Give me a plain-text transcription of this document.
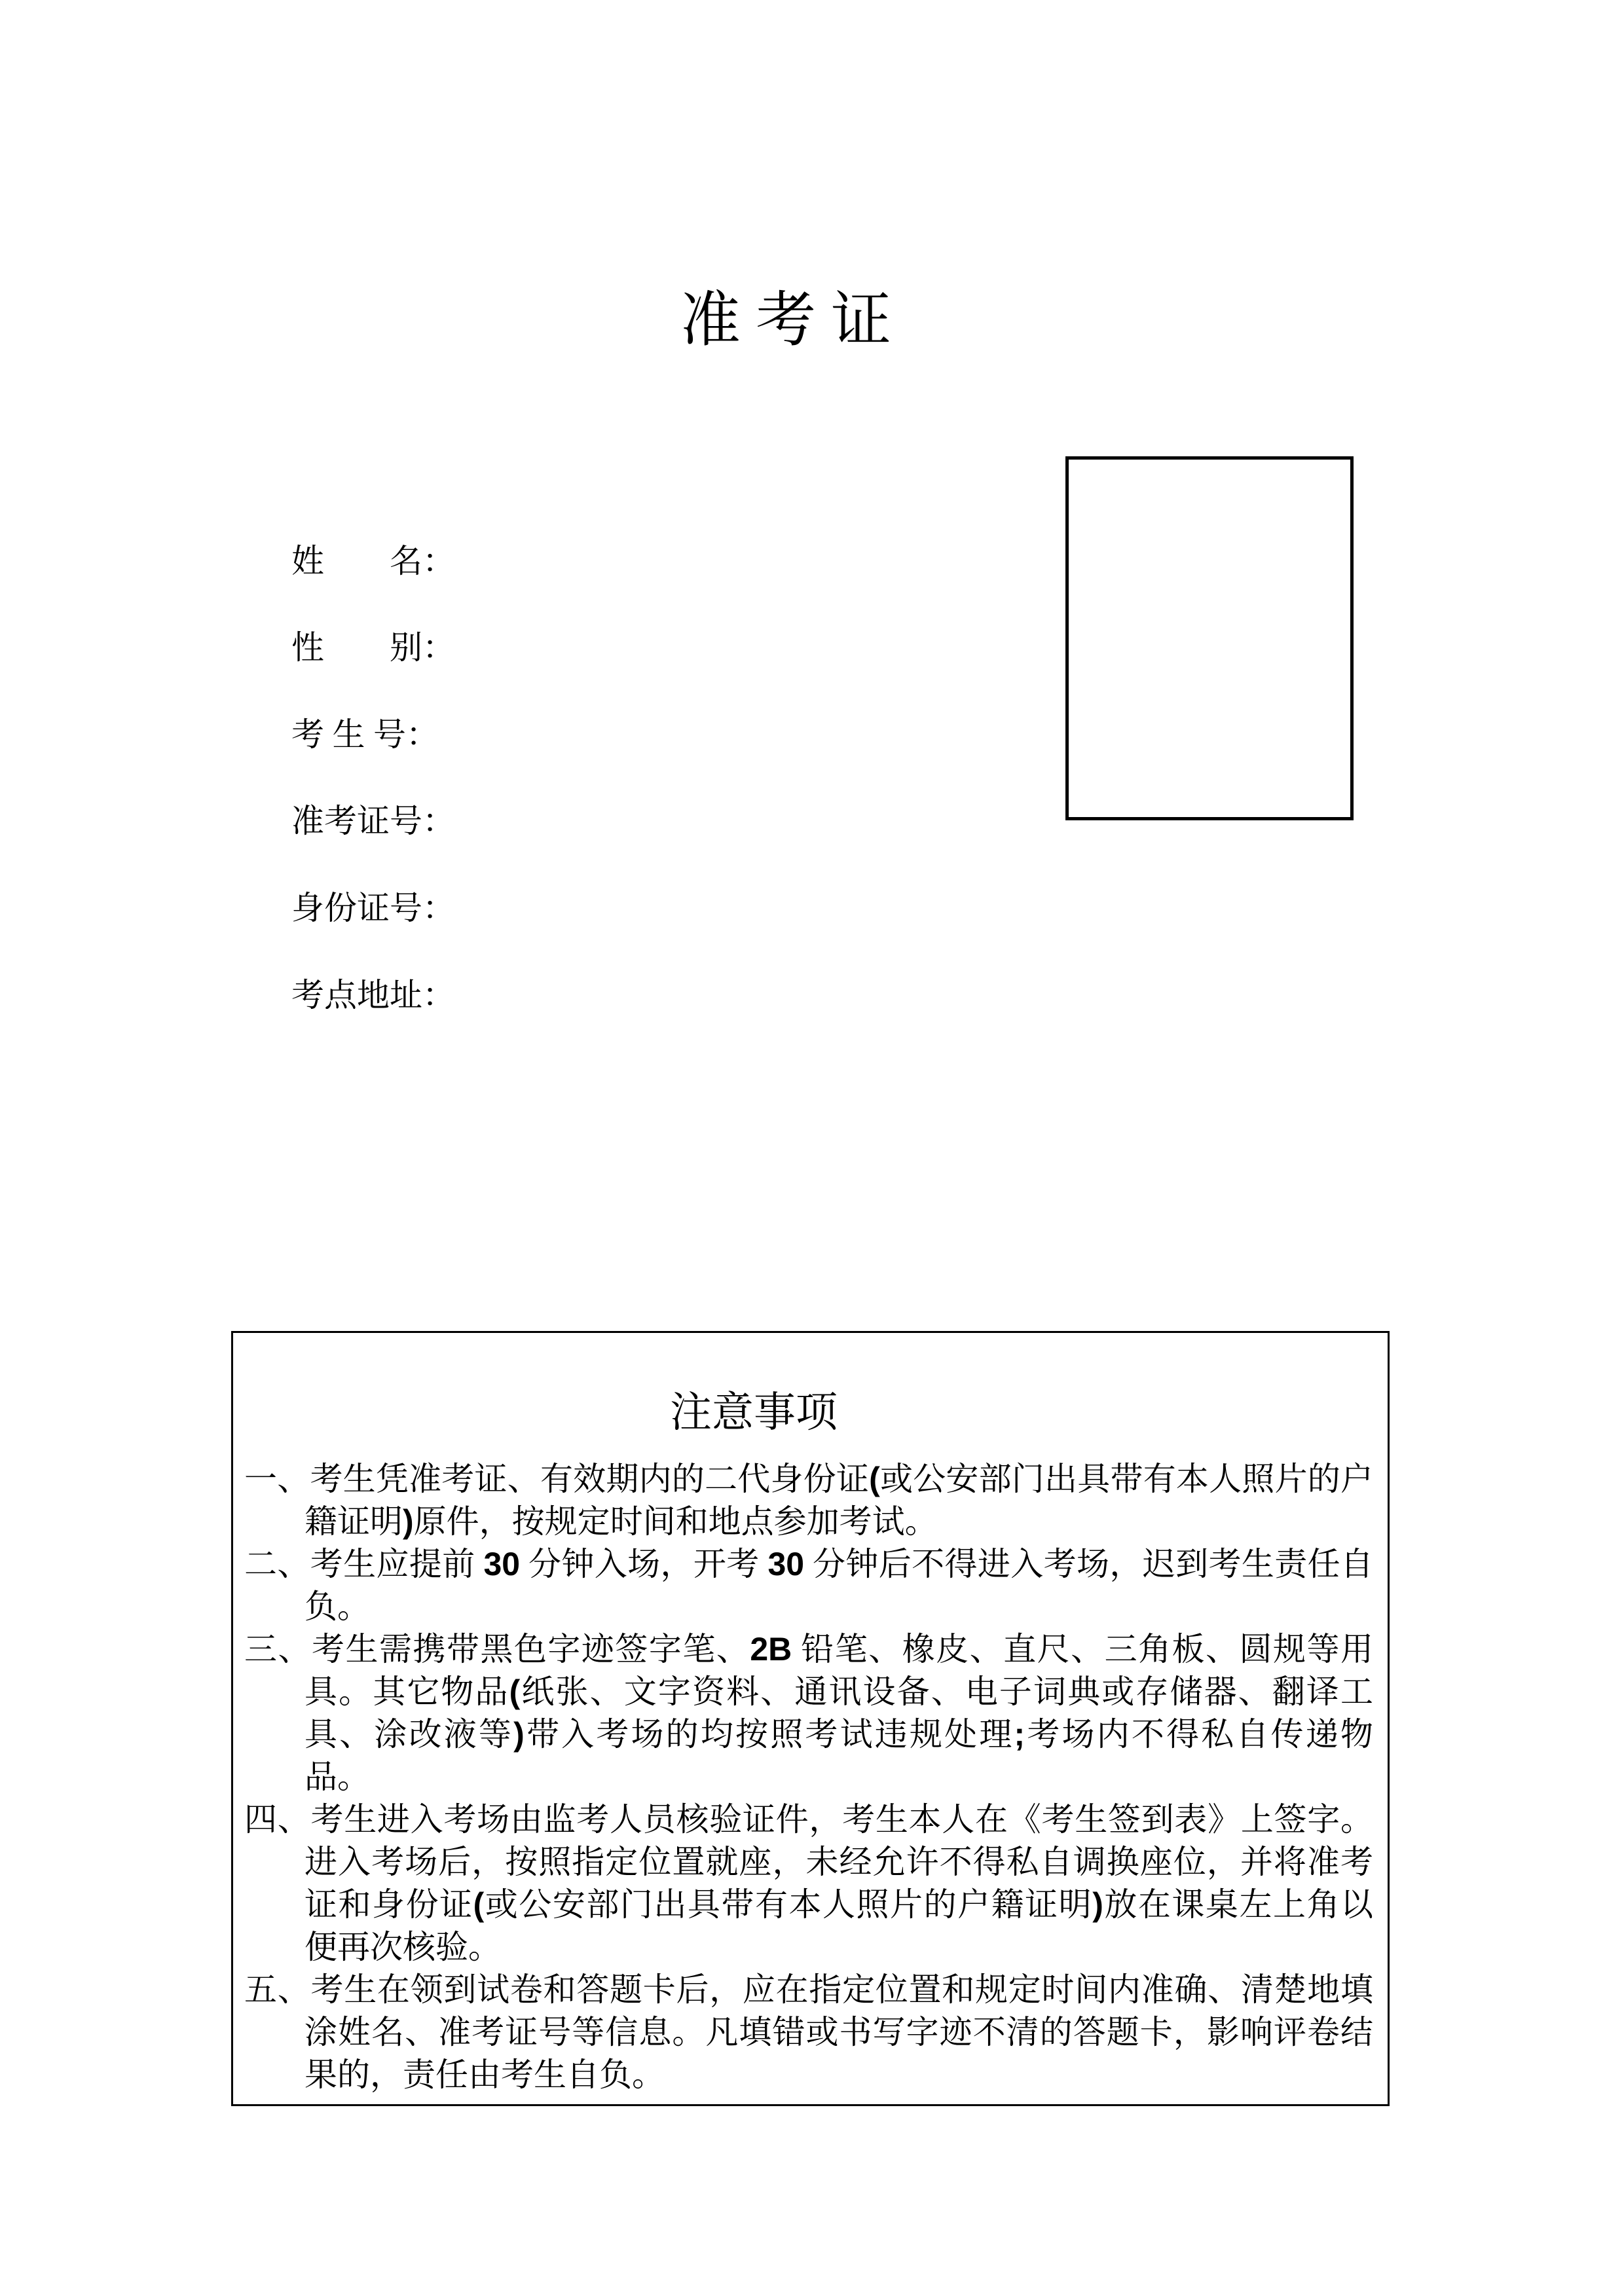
准 考 证

姓　　名：

性　　别：

考 生 号：

准考证号：

身份证号：

考点地址：

注意事项
一、考生凭准考证、有效期内的二代身份证(或公安部门出具带有本人照片的户籍证明)原件，按规定时间和地点参加考试。
二、考生应提前 30 分钟入场，开考 30 分钟后不得进入考场，迟到考生责任自负。
三、考生需携带黑色字迹签字笔、2B 铅笔、橡皮、直尺、三角板、圆规等用具。其它物品(纸张、文字资料、通讯设备、电子词典或存储器、翻译工具、涂改液等)带入考场的均按照考试违规处理;考场内不得私自传递物品。
四、考生进入考场由监考人员核验证件，考生本人在《考生签到表》上签字。进入考场后，按照指定位置就座，未经允许不得私自调换座位，并将准考证和身份证(或公安部门出具带有本人照片的户籍证明)放在课桌左上角以便再次核验。
五、考生在领到试卷和答题卡后，应在指定位置和规定时间内准确、清楚地填涂姓名、准考证号等信息。凡填错或书写字迹不清的答题卡，影响评卷结果的，责任由考生自负。
